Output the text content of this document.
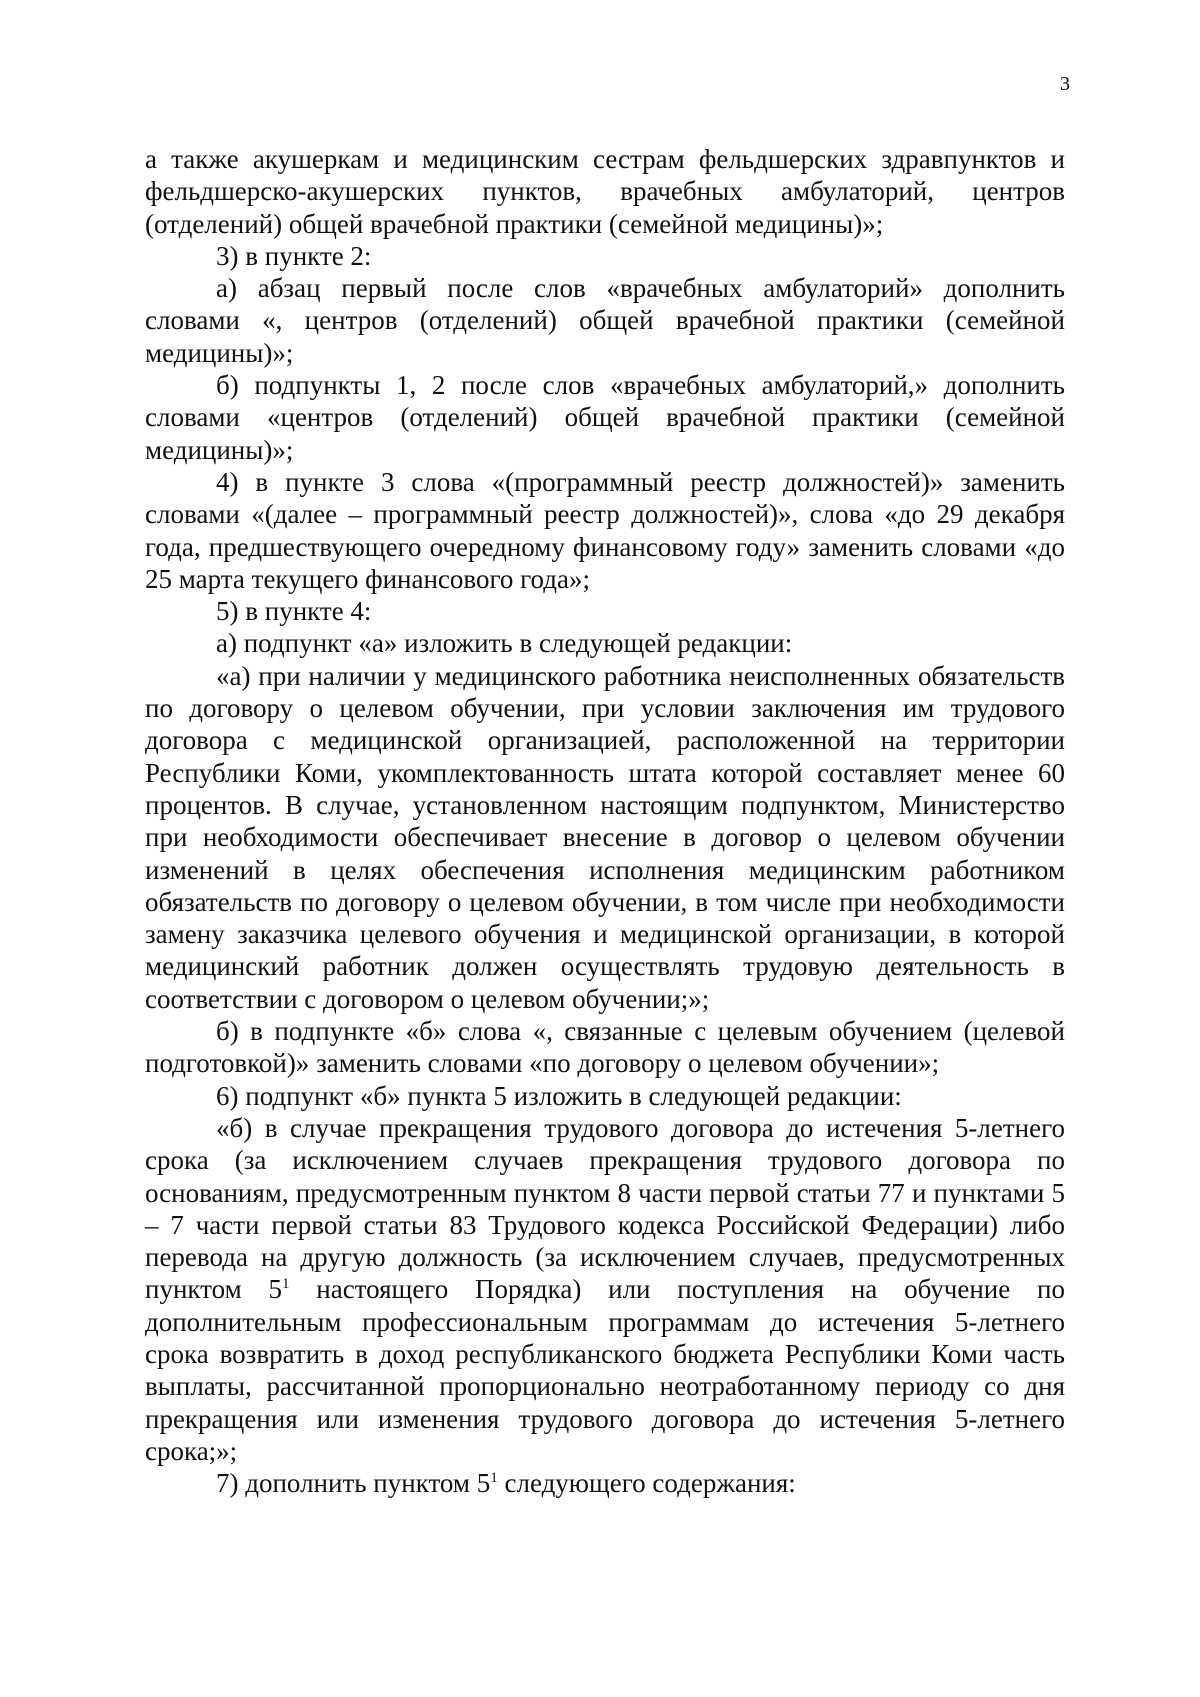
3

а также акушеркам и медицинским сестрам фельдшерских здравпунктов и фельдшерско-акушерских пунктов, врачебных амбулаторий, центров (отделений) общей врачебной практики (семейной медицины)»;

3) в пункте 2:

а) абзац первый после слов «врачебных амбулаторий» дополнить словами «, центров (отделений) общей врачебной практики (семейной медицины)»;

б) подпункты 1, 2 после слов «врачебных амбулаторий,» дополнить словами «центров (отделений) общей врачебной практики (семейной медицины)»;

4) в пункте 3 слова «(программный реестр должностей)» заменить словами «(далее – программный реестр должностей)», слова «до 29 декабря года, предшествующего очередному финансовому году» заменить словами «до 25 марта текущего финансового года»;

5) в пункте 4:

а) подпункт «а» изложить в следующей редакции:

«а) при наличии у медицинского работника неисполненных обязательств по договору о целевом обучении, при условии заключения им трудового договора с медицинской организацией, расположенной на территории Республики Коми, укомплектованность штата которой составляет менее 60 процентов. В случае, установленном настоящим подпунктом, Министерство при необходимости обеспечивает внесение в договор о целевом обучении изменений в целях обеспечения исполнения медицинским работником обязательств по договору о целевом обучении, в том числе при необходимости замену заказчика целевого обучения и медицинской организации, в которой медицинский работник должен осуществлять трудовую деятельность в соответствии с договором о целевом обучении;»;

б) в подпункте «б» слова «, связанные с целевым обучением (целевой подготовкой)» заменить словами «по договору о целевом обучении»;

6) подпункт «б» пункта 5 изложить в следующей редакции:

«б) в случае прекращения трудового договора до истечения 5-летнего срока (за исключением случаев прекращения трудового договора по основаниям, предусмотренным пунктом 8 части первой статьи 77 и пунктами 5 – 7 части первой статьи 83 Трудового кодекса Российской Федерации) либо перевода на другую должность (за исключением случаев, предусмотренных пунктом $5^1$ настоящего Порядка) или поступления на обучение по дополнительным профессиональным программам до истечения 5-летнего срока возвратить в доход республиканского бюджета Республики Коми часть выплаты, рассчитанной пропорционально неотработанному периоду со дня прекращения или изменения трудового договора до истечения 5-летнего срока;»;

7) дополнить пунктом $5^1$ следующего содержания:
